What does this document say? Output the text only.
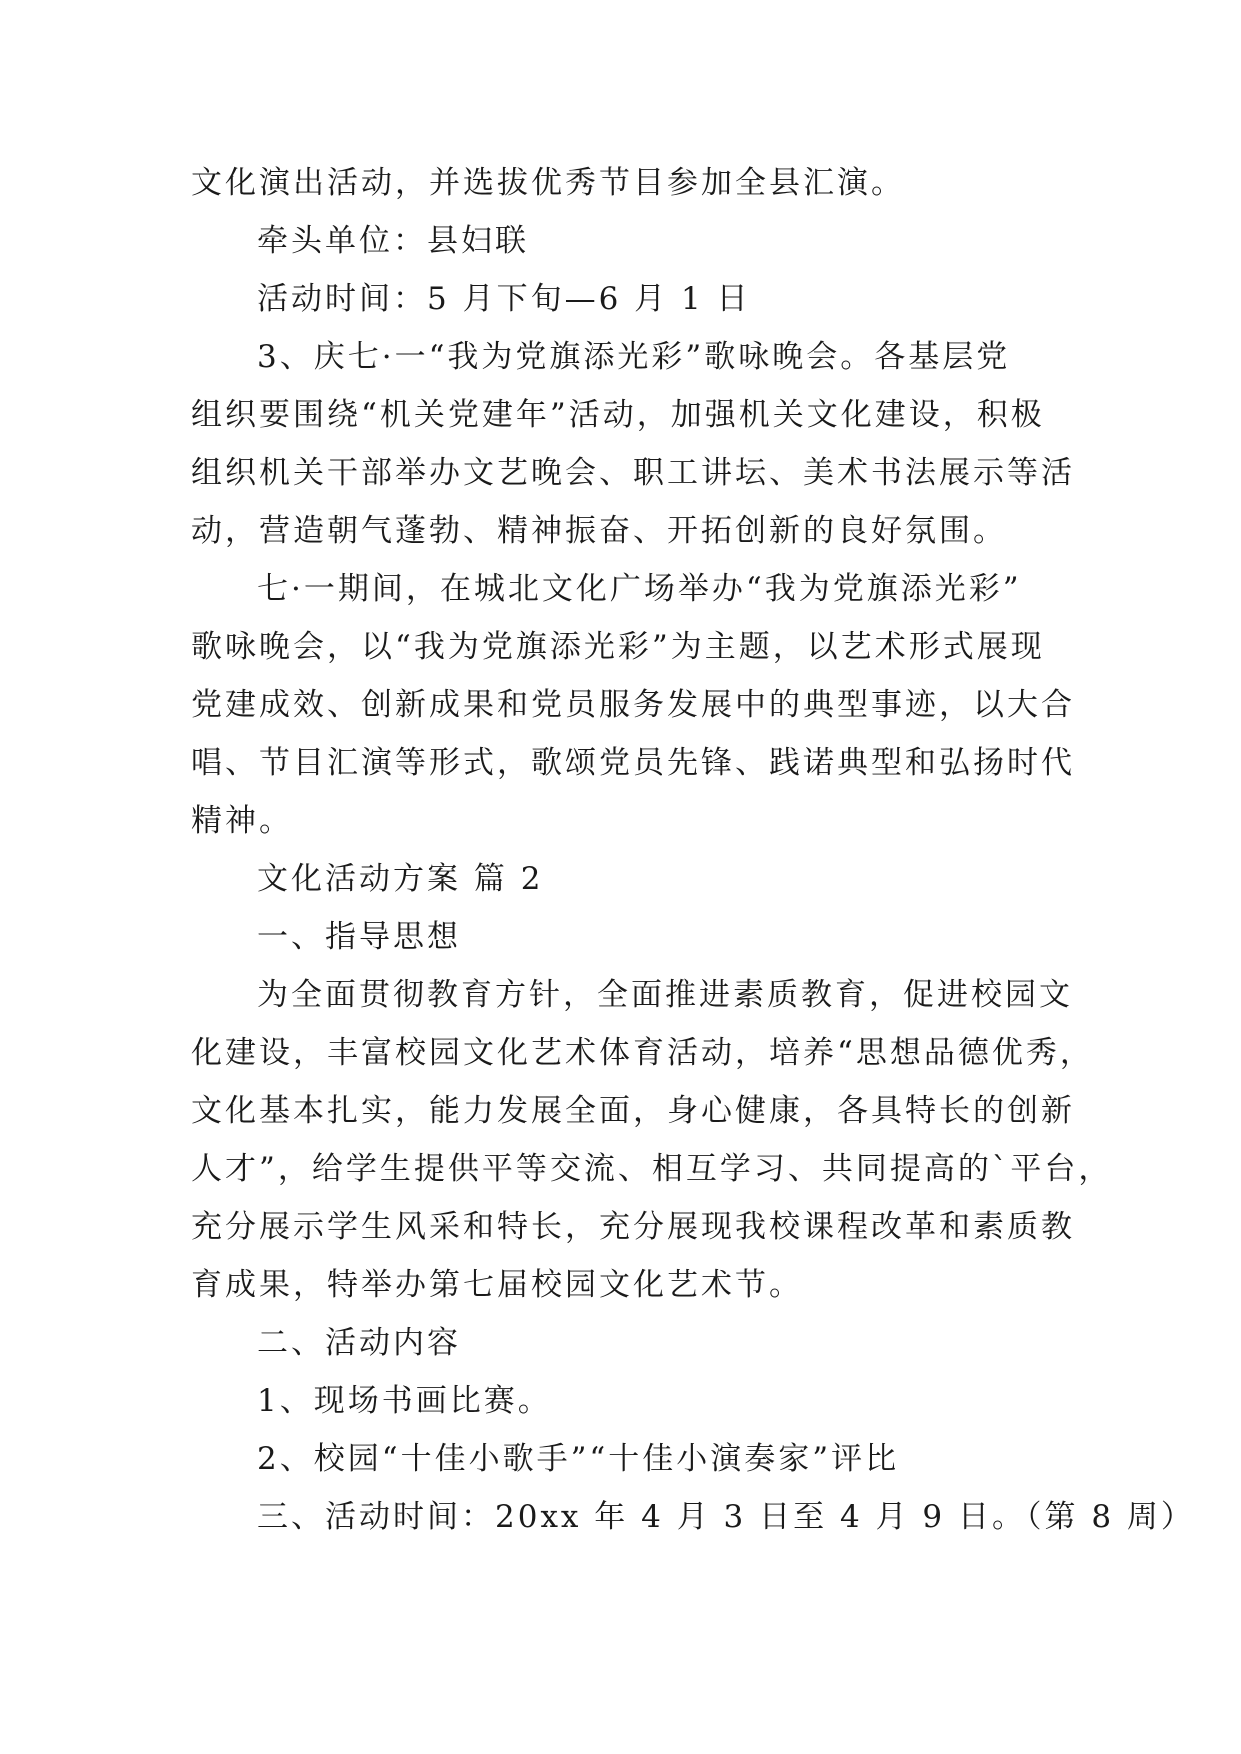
文化演出活动，并选拔优秀节目参加全县汇演。
牵头单位：县妇联
活动时间：5 月下旬—6 月 1 日
3、庆七·一“我为党旗添光彩”歌咏晚会。各基层党
组织要围绕“机关党建年”活动，加强机关文化建设，积极
组织机关干部举办文艺晚会、职工讲坛、美术书法展示等活
动，营造朝气蓬勃、精神振奋、开拓创新的良好氛围。
七·一期间，在城北文化广场举办“我为党旗添光彩”
歌咏晚会，以“我为党旗添光彩”为主题，以艺术形式展现
党建成效、创新成果和党员服务发展中的典型事迹，以大合
唱、节目汇演等形式，歌颂党员先锋、践诺典型和弘扬时代
精神。
文化活动方案 篇 2
一、指导思想
为全面贯彻教育方针，全面推进素质教育，促进校园文
化建设，丰富校园文化艺术体育活动，培养“思想品德优秀，
文化基本扎实，能力发展全面，身心健康，各具特长的创新
人才”，给学生提供平等交流、相互学习、共同提高的`平台，
充分展示学生风采和特长，充分展现我校课程改革和素质教
育成果，特举办第七届校园文化艺术节。
二、活动内容
1、现场书画比赛。
2、校园“十佳小歌手”“十佳小演奏家”评比
三、活动时间：20xx 年 4 月 3 日至 4 月 9 日。（第 8 周）
